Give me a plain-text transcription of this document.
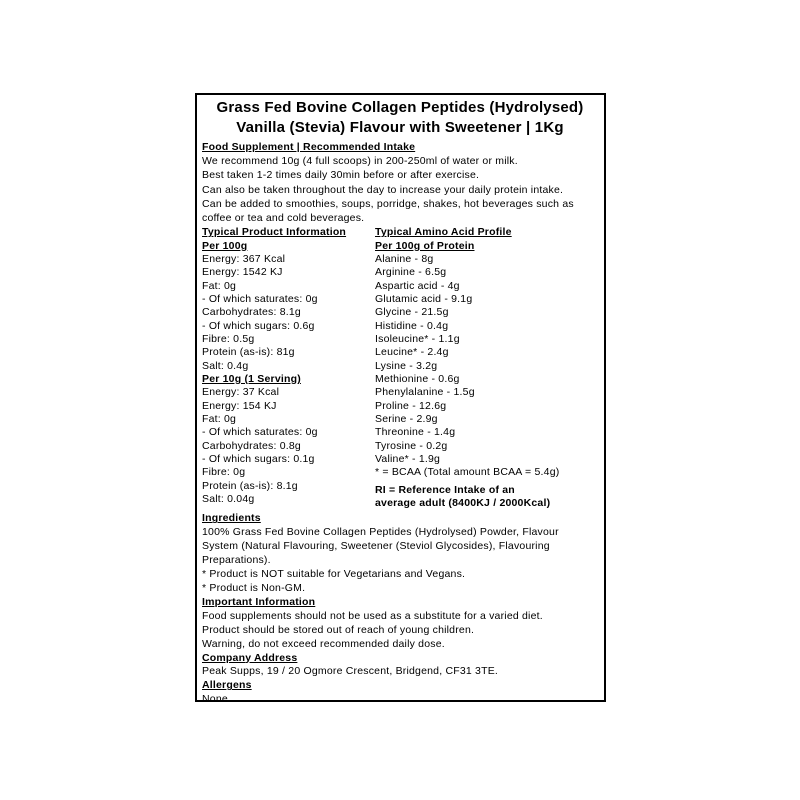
Grass Fed Bovine Collagen Peptides (Hydrolysed)
Vanilla (Stevia) Flavour with Sweetener | 1Kg
Food Supplement | Recommended Intake
We recommend 10g (4 full scoops) in 200-250ml of water or milk.
Best taken 1-2 times daily 30min before or after exercise.
Can also be taken throughout the day to increase your daily protein intake.
Can be added to smoothies, soups, porridge, shakes, hot beverages such as coffee or tea and cold beverages.
Typical Product Information
Per 100g
Energy: 367 Kcal
Energy: 1542 KJ
Fat: 0g
- Of which saturates: 0g
Carbohydrates: 8.1g
- Of which sugars: 0.6g
Fibre: 0.5g
Protein (as-is): 81g
Salt: 0.4g
Per 10g (1 Serving)
Energy: 37 Kcal
Energy: 154 KJ
Fat: 0g
- Of which saturates: 0g
Carbohydrates: 0.8g
- Of which sugars: 0.1g
Fibre: 0g
Protein (as-is): 8.1g
Salt: 0.04g
Typical Amino Acid Profile
Per 100g of Protein
Alanine - 8g
Arginine - 6.5g
Aspartic acid - 4g
Glutamic acid - 9.1g
Glycine - 21.5g
Histidine - 0.4g
Isoleucine* - 1.1g
Leucine* - 2.4g
Lysine - 3.2g
Methionine - 0.6g
Phenylalanine - 1.5g
Proline - 12.6g
Serine - 2.9g
Threonine - 1.4g
Tyrosine - 0.2g
Valine* - 1.9g
* = BCAA (Total amount BCAA = 5.4g)
RI = Reference Intake of an
average adult (8400KJ / 2000Kcal)
Ingredients
100% Grass Fed Bovine Collagen Peptides (Hydrolysed) Powder, Flavour System (Natural Flavouring, Sweetener (Steviol Glycosides), Flavouring Preparations).
* Product is NOT suitable for Vegetarians and Vegans.
* Product is Non-GM.
Important Information
Food supplements should not be used as a substitute for a varied diet.
Product should be stored out of reach of young children.
Warning, do not exceed recommended daily dose.
Company Address
Peak Supps, 19 / 20 Ogmore Crescent, Bridgend, CF31 3TE.
Allergens
None.
